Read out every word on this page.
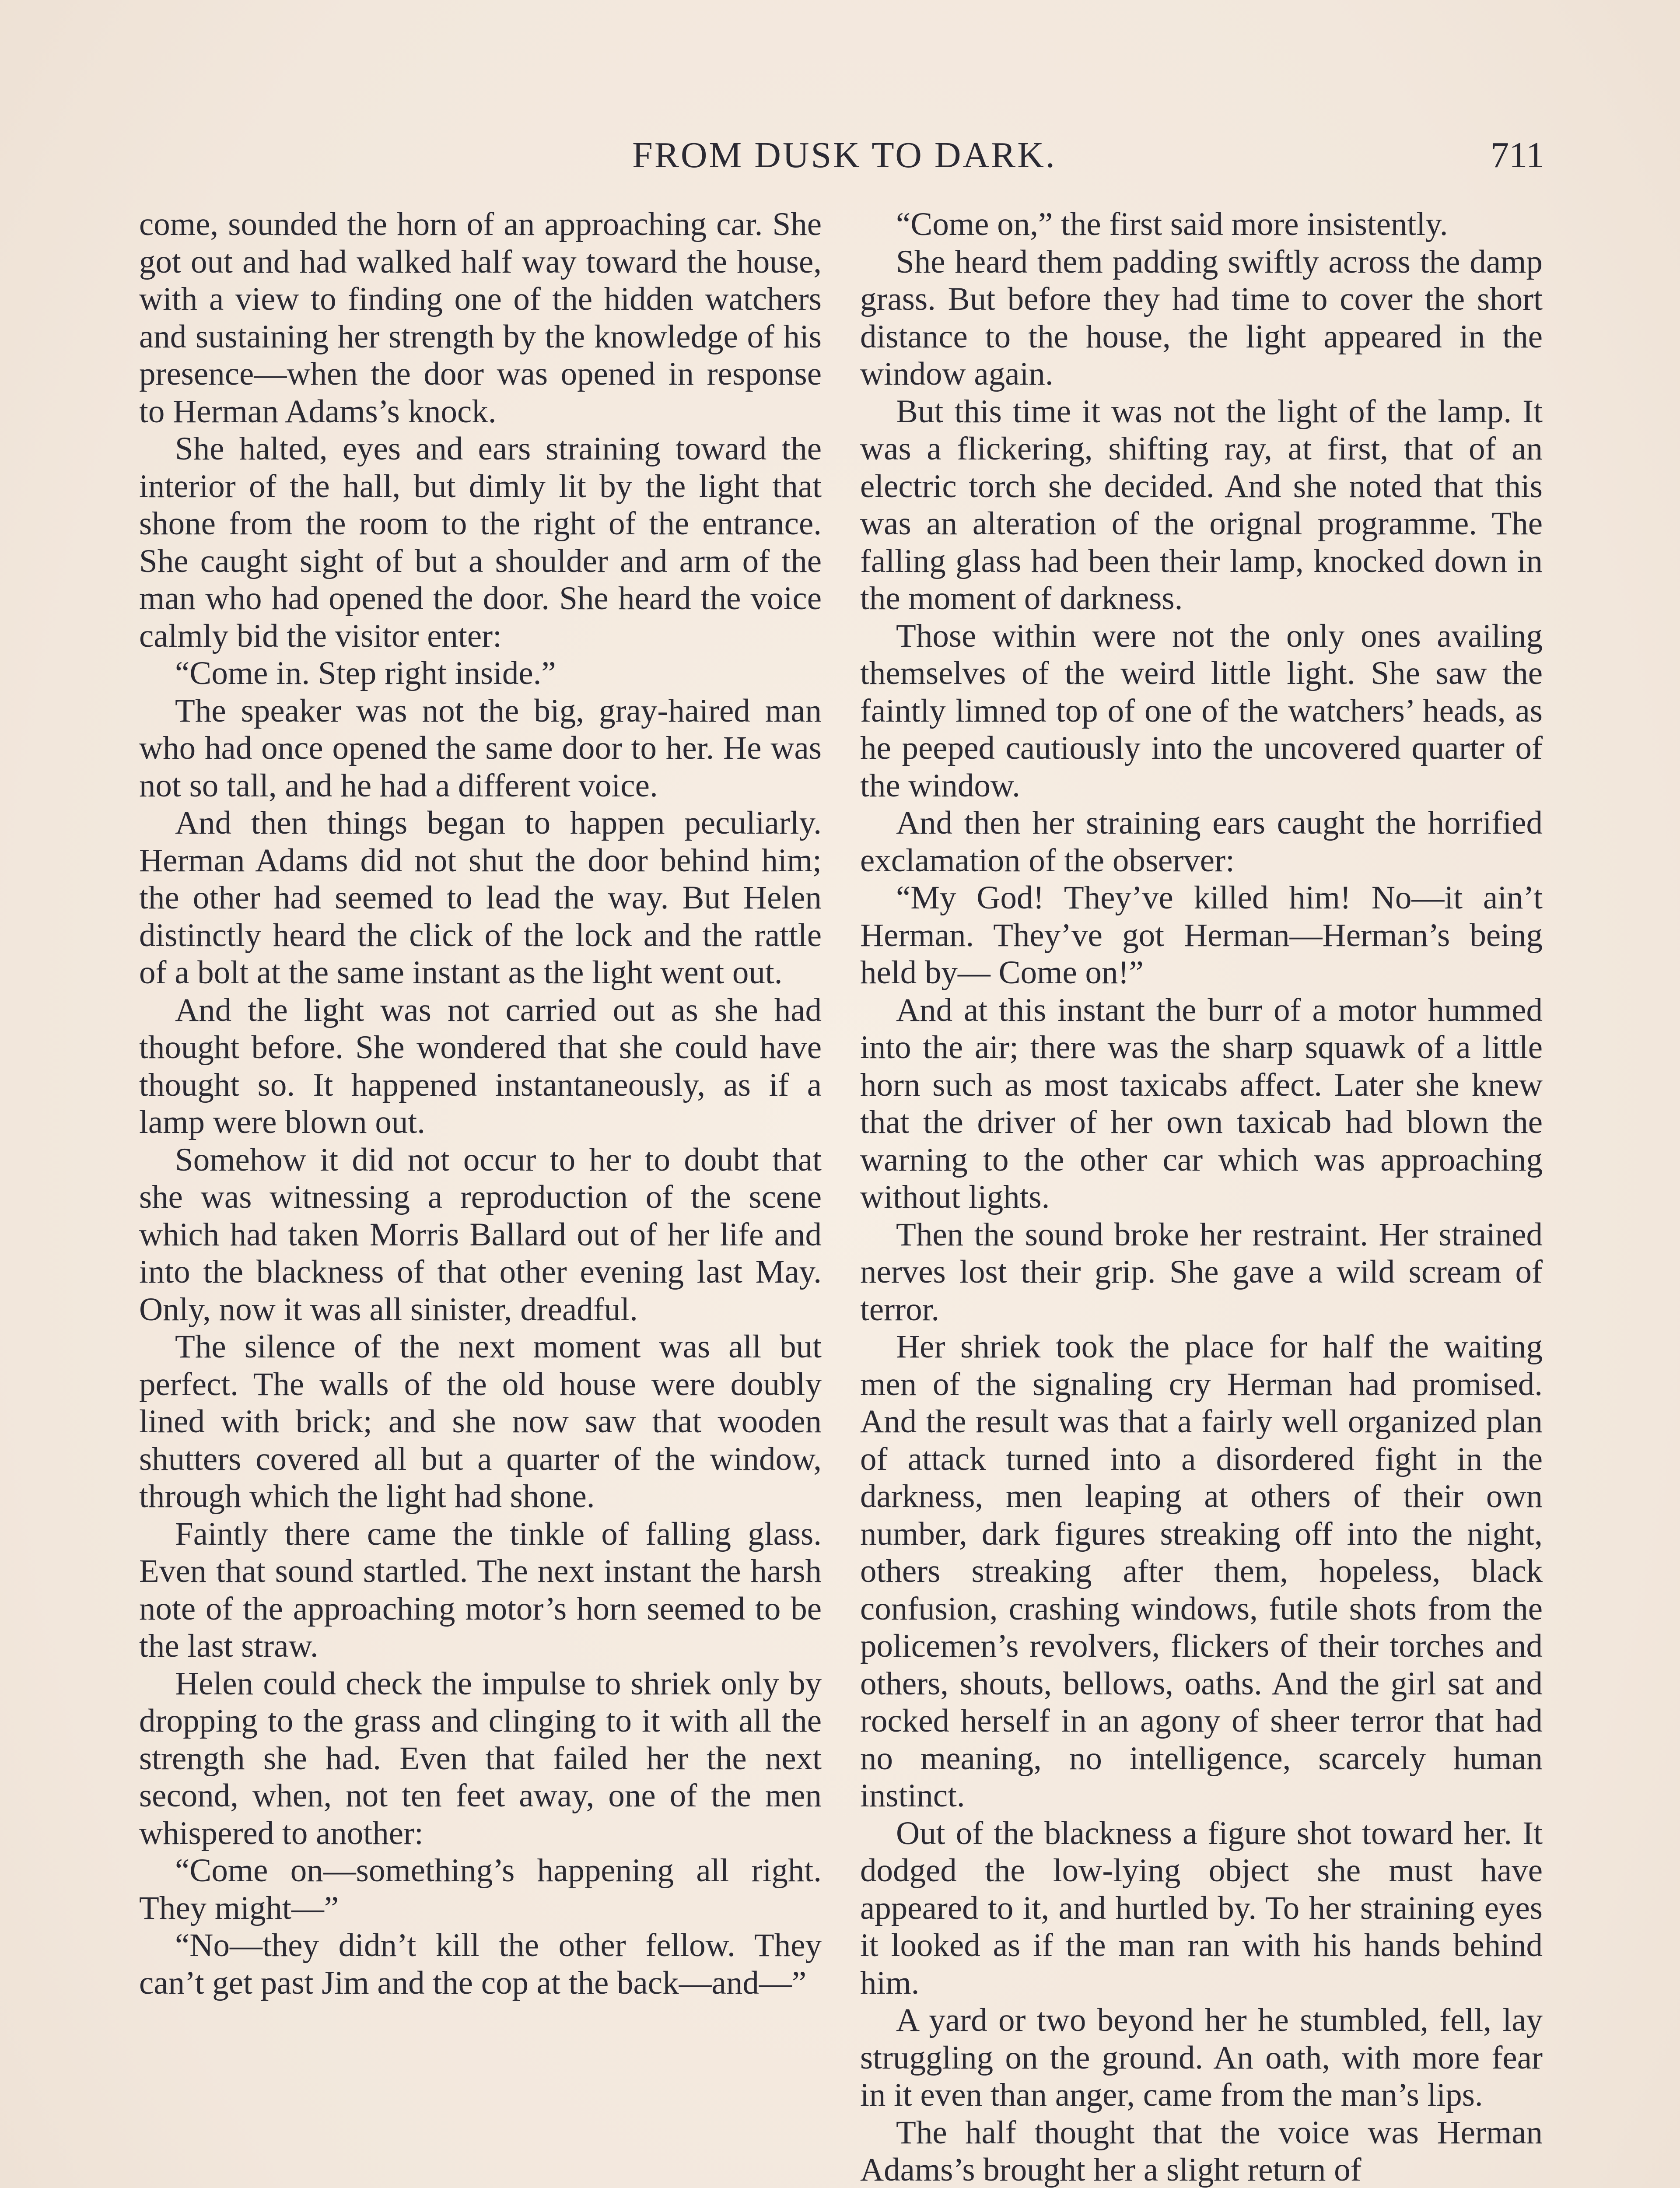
FROM DUSK TO DARK.	711

come, sounded the horn of an approaching car. She got out and had walked half way toward the house, with a view to finding one of the hidden watchers and sustaining her strength by the knowledge of his presence—when the door was opened in response to Herman Adams’s knock.

She halted, eyes and ears straining toward the interior of the hall, but dimly lit by the light that shone from the room to the right of the entrance. She caught sight of but a shoulder and arm of the man who had opened the door. She heard the voice calmly bid the visitor enter:

“Come in. Step right inside.”

The speaker was not the big, gray-haired man who had once opened the same door to her. He was not so tall, and he had a different voice.

And then things began to happen peculiarly. Herman Adams did not shut the door behind him; the other had seemed to lead the way. But Helen distinctly heard the click of the lock and the rattle of a bolt at the same instant as the light went out.

And the light was not carried out as she had thought before. She wondered that she could have thought so. It happened instantaneously, as if a lamp were blown out.

Somehow it did not occur to her to doubt that she was witnessing a reproduction of the scene which had taken Morris Ballard out of her life and into the blackness of that other evening last May. Only, now it was all sinister, dreadful.

The silence of the next moment was all but perfect. The walls of the old house were doubly lined with brick; and she now saw that wooden shutters covered all but a quarter of the window, through which the light had shone.

Faintly there came the tinkle of falling glass. Even that sound startled. The next instant the harsh note of the approaching motor’s horn seemed to be the last straw.

Helen could check the impulse to shriek only by dropping to the grass and clinging to it with all the strength she had. Even that failed her the next second, when, not ten feet away, one of the men whispered to another:

“Come on—something’s happening all right. They might—”

“No—they didn’t kill the other fellow. They can’t get past Jim and the cop at the back—and—”

“Come on,” the first said more insistently.

She heard them padding swiftly across the damp grass. But before they had time to cover the short distance to the house, the light appeared in the window again.

But this time it was not the light of the lamp. It was a flickering, shifting ray, at first, that of an electric torch she decided. And she noted that this was an alteration of the orignal programme. The falling glass had been their lamp, knocked down in the moment of darkness.

Those within were not the only ones availing themselves of the weird little light. She saw the faintly limned top of one of the watchers’ heads, as he peeped cautiously into the uncovered quarter of the window.

And then her straining ears caught the horrified exclamation of the observer:

“My God! They’ve killed him! No—it ain’t Herman. They’ve got Herman—Herman’s being held by— Come on!”

And at this instant the burr of a motor hummed into the air; there was the sharp squawk of a little horn such as most taxicabs affect. Later she knew that the driver of her own taxicab had blown the warning to the other car which was approaching without lights.

Then the sound broke her restraint. Her strained nerves lost their grip. She gave a wild scream of terror.

Her shriek took the place for half the waiting men of the signaling cry Herman had promised. And the result was that a fairly well organized plan of attack turned into a disordered fight in the darkness, men leaping at others of their own number, dark figures streaking off into the night, others streaking after them, hopeless, black confusion, crashing windows, futile shots from the policemen’s revolvers, flickers of their torches and others, shouts, bellows, oaths. And the girl sat and rocked herself in an agony of sheer terror that had no meaning, no intelligence, scarcely human instinct.

Out of the blackness a figure shot toward her. It dodged the low-lying object she must have appeared to it, and hurtled by. To her straining eyes it looked as if the man ran with his hands behind him.

A yard or two beyond her he stumbled, fell, lay struggling on the ground. An oath, with more fear in it even than anger, came from the man’s lips.

The half thought that the voice was Herman Adams’s brought her a slight return of
